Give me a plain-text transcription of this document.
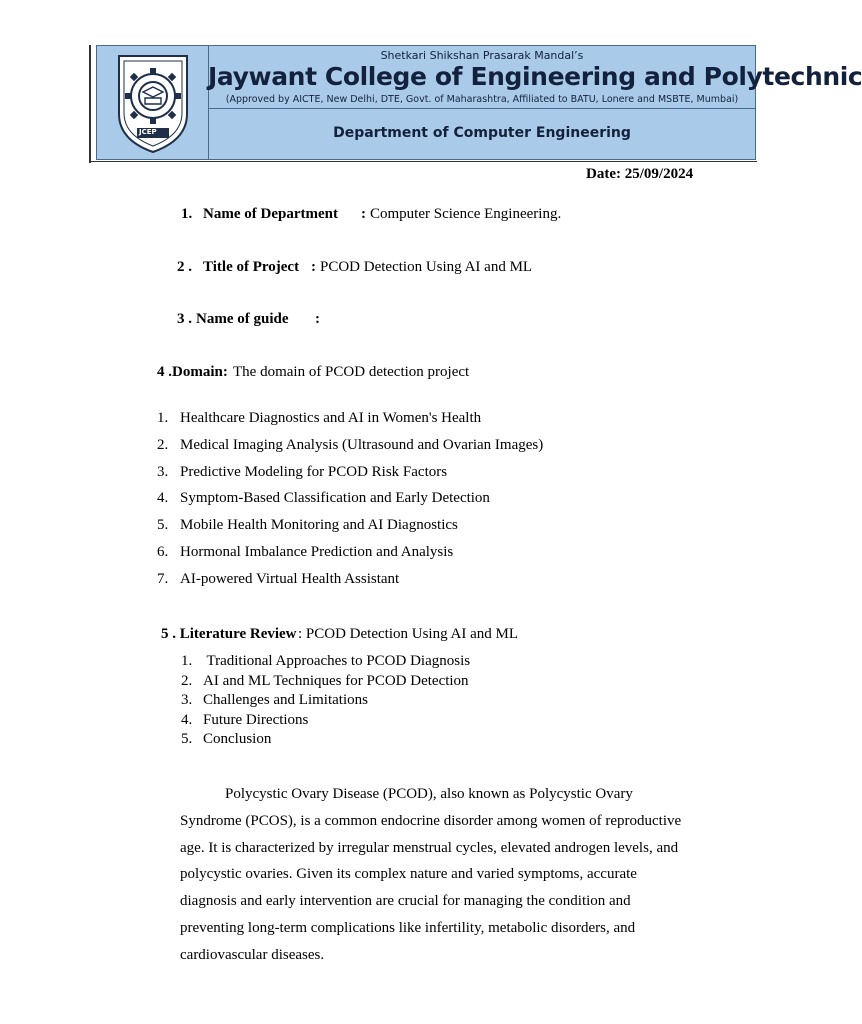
JCEP
Shetkari Shikshan Prasarak Mandal’s
Jaywant College of Engineering and Polytechnic
(Approved by AICTE, New Delhi, DTE, Govt. of Maharashtra, Affiliated to BATU, Lonere and MSBTE, Mumbai)
Department of Computer Engineering
Date: 25/09/2024
1. Name of Department : Computer Science Engineering.
2 . Title of Project : PCOD Detection Using AI and ML
3 . Name of guide :
4 .Domain: The domain of PCOD detection project
1. Healthcare Diagnostics and AI in Women's Health
2. Medical Imaging Analysis (Ultrasound and Ovarian Images)
3. Predictive Modeling for PCOD Risk Factors
4. Symptom-Based Classification and Early Detection
5. Mobile Health Monitoring and AI Diagnostics
6. Hormonal Imbalance Prediction and Analysis
7. AI-powered Virtual Health Assistant
5 . Literature Review : PCOD Detection Using AI and ML
1. Traditional Approaches to PCOD Diagnosis
2. AI and ML Techniques for PCOD Detection
3. Challenges and Limitations
4. Future Directions
5. Conclusion

Polycystic Ovary Disease (PCOD), also known as Polycystic Ovary Syndrome (PCOS), is a common endocrine disorder among women of reproductive age. It is characterized by irregular menstrual cycles, elevated androgen levels, and polycystic ovaries. Given its complex nature and varied symptoms, accurate diagnosis and early intervention are crucial for managing the condition and preventing long-term complications like infertility, metabolic disorders, and cardiovascular diseases.
